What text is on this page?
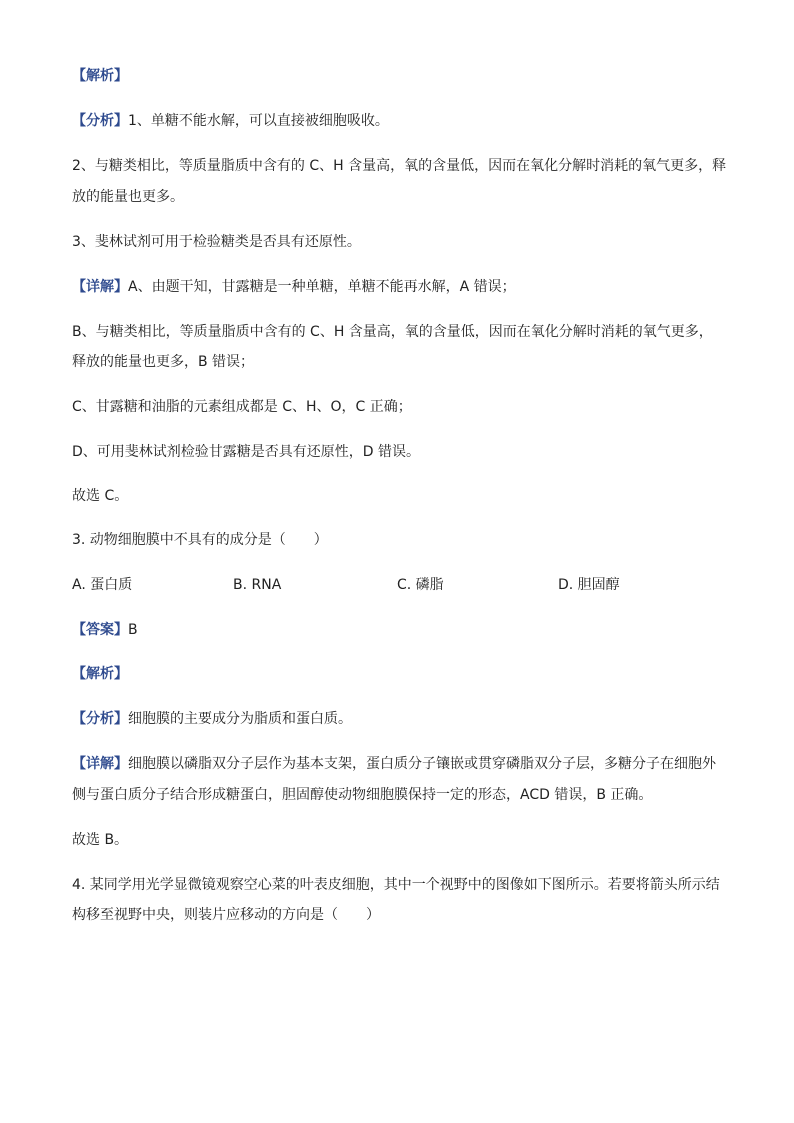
【解析】
【分析】1、单糖不能水解，可以直接被细胞吸收。
2、与糖类相比，等质量脂质中含有的 C、H 含量高，氧的含量低，因而在氧化分解时消耗的氧气更多，释
放的能量也更多。
3、斐林试剂可用于检验糖类是否具有还原性。
【详解】A、由题干知，甘露糖是一种单糖，单糖不能再水解，A 错误；
B、与糖类相比，等质量脂质中含有的 C、H 含量高，氧的含量低，因而在氧化分解时消耗的氧气更多，
释放的能量也更多，B 错误；
C、甘露糖和油脂的元素组成都是 C、H、O，C 正确；
D、可用斐林试剂检验甘露糖是否具有还原性，D 错误。
故选 C。
3. 动物细胞膜中不具有的成分是（　　）
A. 蛋白质	B. RNA	C. 磷脂	D. 胆固醇
【答案】B
【解析】
【分析】细胞膜的主要成分为脂质和蛋白质。
【详解】细胞膜以磷脂双分子层作为基本支架，蛋白质分子镶嵌或贯穿磷脂双分子层，多糖分子在细胞外
侧与蛋白质分子结合形成糖蛋白，胆固醇使动物细胞膜保持一定的形态，ACD 错误，B 正确。
故选 B。
4. 某同学用光学显微镜观察空心菜的叶表皮细胞，其中一个视野中的图像如下图所示。若要将箭头所示结
构移至视野中央，则装片应移动的方向是（　　）
